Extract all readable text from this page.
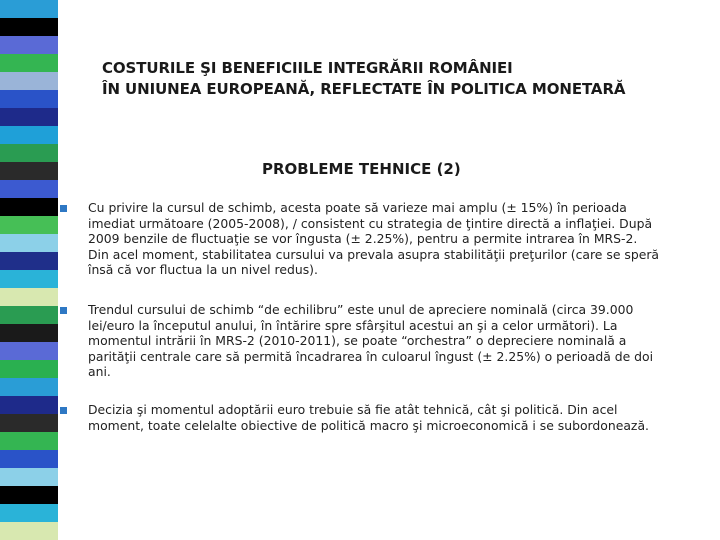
COSTURILE ŞI BENEFICIILE INTEGRĂRII ROMÂNIEI
ÎN UNIUNEA EUROPEANĂ, REFLECTATE ÎN POLITICA MONETARĂ
PROBLEME TEHNICE (2)
Cu privire la cursul de schimb, acesta poate să varieze mai amplu (± 15%) în perioada imediat următoare (2005-2008), / consistent cu strategia de ţintire directă a inflaţiei. După 2009 benzile de fluctuaţie se vor îngusta (± 2.25%), pentru a permite intrarea în MRS-2. Din acel moment, stabilitatea cursului va prevala asupra stabilităţii preţurilor (care se speră însă că vor fluctua la un nivel redus).
Trendul cursului de schimb “de echilibru” este unul de apreciere nominală (circa 39.000 lei/euro la începutul anului, în întărire spre sfârşitul acestui an şi a celor următori). La momentul intrării în MRS-2 (2010-2011), se poate “orchestra” o depreciere nominală a parităţii centrale care să permită încadrarea în culoarul îngust (± 2.25%) o perioadă de doi ani.
Decizia şi momentul adoptării euro trebuie să fie atât tehnică, cât şi politică. Din acel moment, toate celelalte obiective de politică macro şi microeconomică i se subordonează.
